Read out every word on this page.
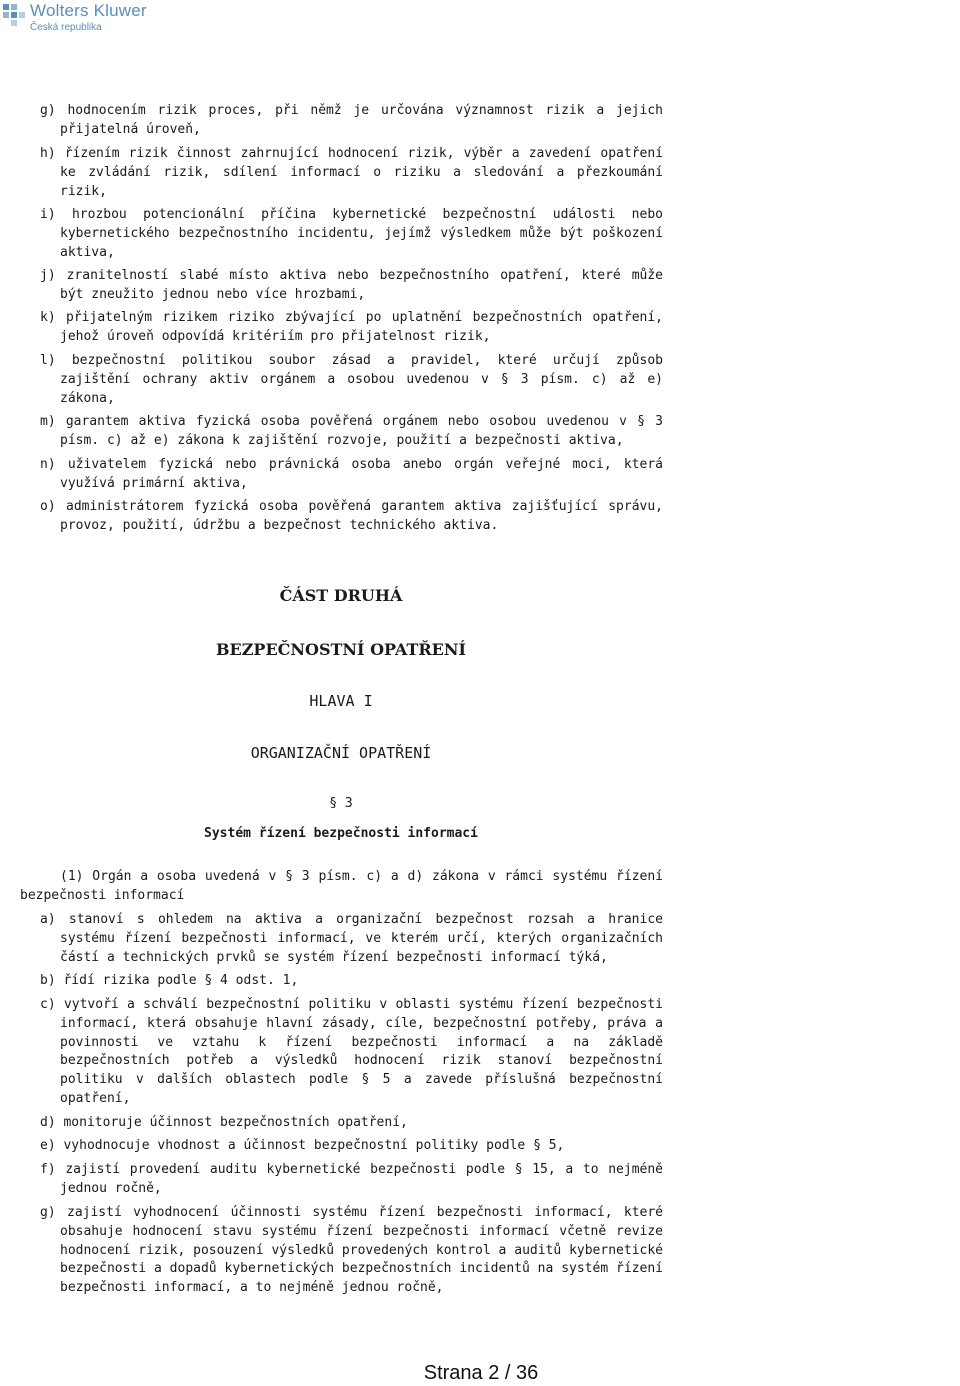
Wolters Kluwer
Česká republika
g) hodnocením rizik proces, při němž je určována významnost rizik a jejich přijatelná úroveň,
h) řízením rizik činnost zahrnující hodnocení rizik, výběr a zavedení opatření ke zvládání rizik, sdílení informací o riziku a sledování a přezkoumání rizik,
i) hrozbou potencionální příčina kybernetické bezpečnostní události nebo kybernetického bezpečnostního incidentu, jejímž výsledkem může být poškození aktiva,
j) zranitelností slabé místo aktiva nebo bezpečnostního opatření, které může být zneužito jednou nebo více hrozbami,
k) přijatelným rizikem riziko zbývající po uplatnění bezpečnostních opatření, jehož úroveň odpovídá kritériím pro přijatelnost rizik,
l) bezpečnostní politikou soubor zásad a pravidel, které určují způsob zajištění ochrany aktiv orgánem a osobou uvedenou v § 3 písm. c) až e) zákona,
m) garantem aktiva fyzická osoba pověřená orgánem nebo osobou uvedenou v § 3 písm. c) až e) zákona k zajištění rozvoje, použití a bezpečnosti aktiva,
n) uživatelem fyzická nebo právnická osoba anebo orgán veřejné moci, která využívá primární aktiva,
o) administrátorem fyzická osoba pověřená garantem aktiva zajišťující správu, provoz, použití, údržbu a bezpečnost technického aktiva.
ČÁST DRUHÁ
BEZPEČNOSTNÍ OPATŘENÍ
HLAVA I
ORGANIZAČNÍ OPATŘENÍ
§ 3
Systém řízení bezpečnosti informací
(1) Orgán a osoba uvedená v § 3 písm. c) a d) zákona v rámci systému řízení bezpečnosti informací
a) stanoví s ohledem na aktiva a organizační bezpečnost rozsah a hranice systému řízení bezpečnosti informací, ve kterém určí, kterých organizačních částí a technických prvků se systém řízení bezpečnosti informací týká,
b) řídí rizika podle § 4 odst. 1,
c) vytvoří a schválí bezpečnostní politiku v oblasti systému řízení bezpečnosti informací, která obsahuje hlavní zásady, cíle, bezpečnostní potřeby, práva a povinnosti ve vztahu k řízení bezpečnosti informací a na základě bezpečnostních potřeb a výsledků hodnocení rizik stanoví bezpečnostní politiku v dalších oblastech podle § 5 a zavede příslušná bezpečnostní opatření,
d) monitoruje účinnost bezpečnostních opatření,
e) vyhodnocuje vhodnost a účinnost bezpečnostní politiky podle § 5,
f) zajistí provedení auditu kybernetické bezpečnosti podle § 15, a to nejméně jednou ročně,
g) zajistí vyhodnocení účinnosti systému řízení bezpečnosti informací, které obsahuje hodnocení stavu systému řízení bezpečnosti informací včetně revize hodnocení rizik, posouzení výsledků provedených kontrol a auditů kybernetické bezpečnosti a dopadů kybernetických bezpečnostních incidentů na systém řízení bezpečnosti informací, a to nejméně jednou ročně,
Strana 2 / 36
